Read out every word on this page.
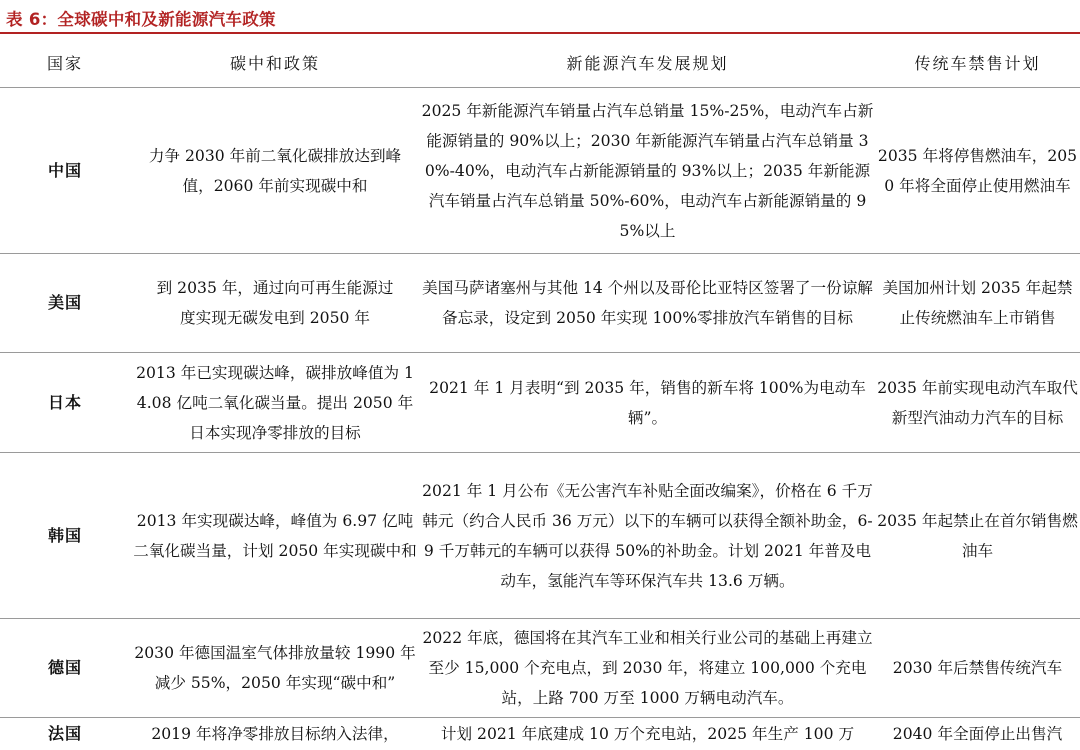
表 6：全球碳中和及新能源汽车政策
国家	碳中和政策	新能源汽车发展规划	传统车禁售计划
中国	力争 2030 年前二氧化碳排放达到峰值，2060 年前实现碳中和	2025 年新能源汽车销量占汽车总销量 15%-25%，电动汽车占新能源销量的 90%以上；2030 年新能源汽车销量占汽车总销量 30%-40%，电动汽车占新能源销量的 93%以上；2035 年新能源汽车销量占汽车总销量 50%-60%，电动汽车占新能源销量的 95%以上	2035 年将停售燃油车，2050 年将全面停止使用燃油车

美国	到 2035 年，通过向可再生能源过度实现无碳发电到 2050 年	美国马萨诸塞州与其他 14 个州以及哥伦比亚特区签署了一份谅解备忘录，设定到 2050 年实现 100%零排放汽车销售的目标	美国加州计划 2035 年起禁止传统燃油车上市销售

日本	2013 年已实现碳达峰，碳排放峰值为 14.08 亿吨二氧化碳当量。提出 2050 年日本实现净零排放的目标	2021 年 1 月表明“到 2035 年，销售的新车将 100%为电动车辆”。	2035 年前实现电动汽车取代新型汽油动力汽车的目标

韩国	2013 年实现碳达峰，峰值为 6.97 亿吨二氧化碳当量，计划 2050 年实现碳中和	2021 年 1 月公布《无公害汽车补贴全面改编案》，价格在 6 千万韩元（约合人民币 36 万元）以下的车辆可以获得全额补助金，6-9 千万韩元的车辆可以获得 50%的补助金。计划 2021 年普及电动车，氢能汽车等环保汽车共 13.6 万辆。	2035 年起禁止在首尔销售燃油车

德国	2030 年德国温室气体排放量较 1990 年减少 55%，2050 年实现“碳中和”	2022 年底，德国将在其汽车工业和相关行业公司的基础上再建立至少 15,000 个充电点，到 2030 年，将建立 100,000 个充电站，上路 700 万至 1000 万辆电动汽车。	2030 年后禁售传统汽车

法国	2019 年将净零排放目标纳入法律，	计划 2021 年底建成 10 万个充电站，2025 年生产 100 万	2040 年全面停止出售汽
